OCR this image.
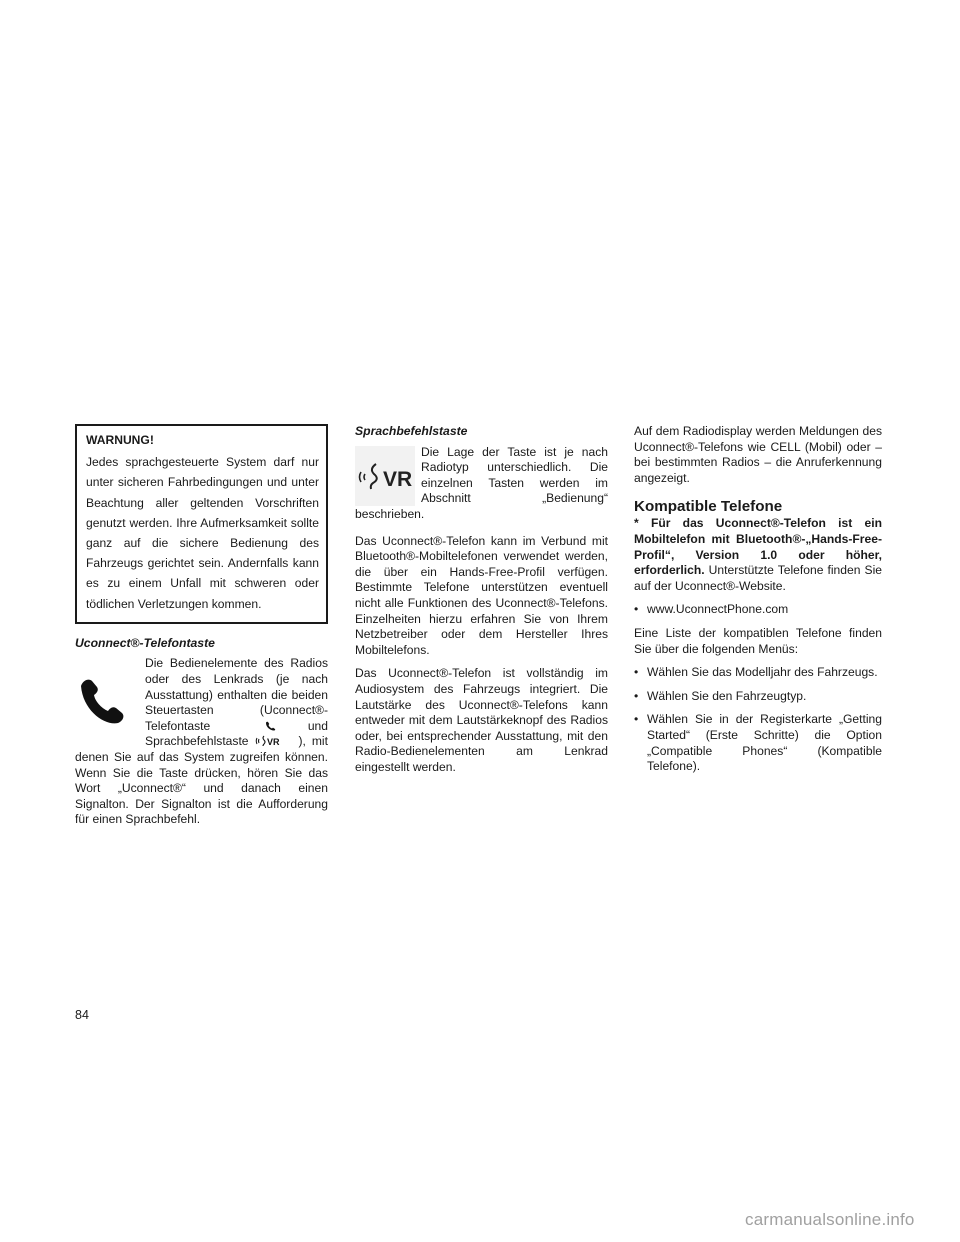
WARNUNG!
Jedes sprachgesteuerte System darf nur unter sicheren Fahrbedingungen und unter Beachtung aller geltenden Vorschriften genutzt werden. Ihre Aufmerksamkeit sollte ganz auf die sichere Bedienung des Fahrzeugs gerichtet sein. Andernfalls kann es zu einem Unfall mit schweren oder tödlichen Verletzungen kommen.
Uconnect®-Telefontaste
Die Bedienelemente des Radios oder des Lenkrads (je nach Ausstattung) enthalten die beiden Steuertasten (Uconnect®-Telefontaste	und Sprachbefehlstaste VR ), mit denen Sie auf das System zugreifen können. Wenn Sie die Taste drücken, hören Sie das Wort „Uconnect®“ und danach einen Signalton. Der Signalton ist die Aufforderung für einen Sprachbefehl.
Sprachbefehlstaste

VR
Die Lage der Taste ist je nach Radiotyp unterschiedlich. Die einzelnen Tasten werden im Abschnitt „Bedienung“ beschrieben.

Das Uconnect®-Telefon kann im Verbund mit Bluetooth®-Mobiltelefonen verwendet werden, die über ein Hands-Free-Profil verfügen. Bestimmte Telefone unterstützen eventuell nicht alle Funktionen des Uconnect®-Telefons. Einzelheiten hierzu erfahren Sie von Ihrem Netzbetreiber oder dem Hersteller Ihres Mobiltelefons.

Das Uconnect®-Telefon ist vollständig im Audiosystem des Fahrzeugs integriert. Die Lautstärke des Uconnect®-Telefons kann entweder mit dem Lautstärkeknopf des Radios oder, bei entsprechender Ausstattung, mit den Radio-Bedienelementen am Lenkrad eingestellt werden.

Auf dem Radiodisplay werden Meldungen des Uconnect®-Telefons wie CELL (Mobil) oder – bei bestimmten Radios – die Anruferkennung angezeigt.

Kompatible Telefone

* Für das Uconnect®-Telefon ist ein Mobiltelefon mit Bluetooth®-„Hands-Free-Profil“, Version 1.0 oder höher, erforderlich. Unterstützte Telefone finden Sie auf der Uconnect®-Website.

• www.UconnectPhone.com

Eine Liste der kompatiblen Telefone finden Sie über die folgenden Menüs:

• Wählen Sie das Modelljahr des Fahrzeugs.
• Wählen Sie den Fahrzeugtyp.
• Wählen Sie in der Registerkarte „Getting Started“ (Erste Schritte) die Option „Compatible Phones“ (Kompatible Telefone).
84
carmanualsonline.info
